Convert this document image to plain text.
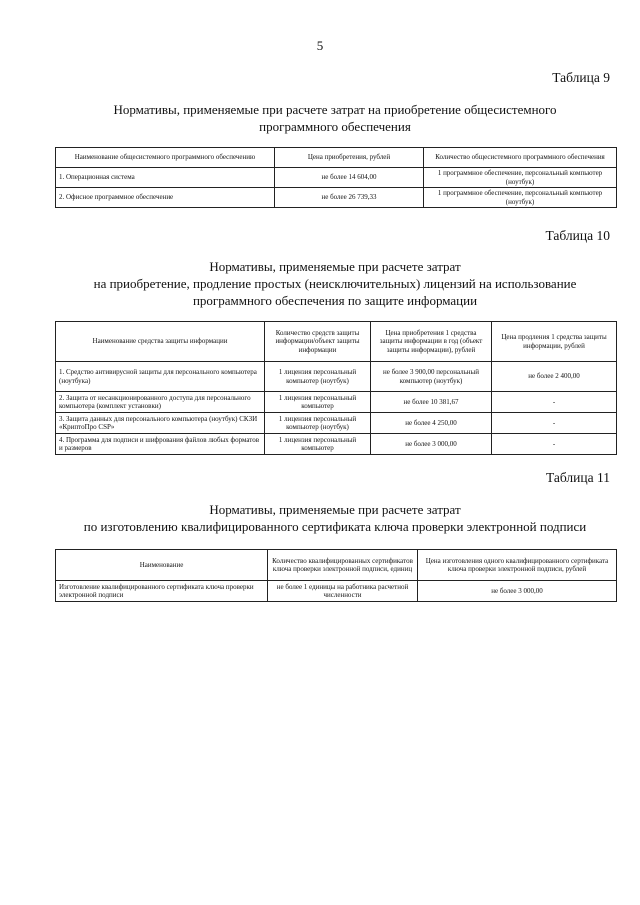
5
Таблица 9
Нормативы, применяемые при расчете затрат на приобретение общесистемного
программного обеспечения
Наименование общесистемного программного обеспечению	Цена приобретения, рублей	Количество общесистемного программного обеспечения
1. Операционная система	не более 14 604,00	1 программное обеспечение, персональный компьютер (ноутбук)
2. Офисное программное обеспечение	не более 26 739,33	1 программное обеспечение, персональный компьютер (ноутбук)
Таблица 10
Нормативы, применяемые при расчете затрат
на приобретение, продление простых (неисключительных) лицензий на использование
программного обеспечения по защите информации
Наименование средства защиты информации	Количество средств защиты информации/объект защиты информации	Цена приобретения 1 средства защиты информации в год (объект защиты информации), рублей	Цена продления 1 средства защиты информации, рублей
1. Средство антивирусной защиты для персонального компьютера (ноутбука)	1 лицензия персональный компьютер (ноутбук)	не более 3 900,00 персональный компьютер (ноутбук)	не более 2 400,00
2. Защита от несанкционированного доступа для персонального компьютера (комплект установки)	1 лицензия персональный компьютер	не более 10 381,67	-
3. Защита данных для персонального компьютера (ноутбук) СКЗИ «КриптоПро CSP»	1 лицензия персональный компьютер (ноутбук)	не более 4 250,00	-
4. Программа для подписи и шифрования файлов любых форматов и размеров	1 лицензия персональный компьютер	не более 3 000,00	-
Таблица 11
Нормативы, применяемые при расчете затрат
по изготовлению квалифицированного сертификата ключа проверки электронной подписи
Наименование	Количество квалифицированных сертификатов ключа проверки электронной подписи, единиц	Цена изготовления одного квалифицированного сертификата ключа проверки электронной подписи, рублей
Изготовление квалифицированного сертификата ключа проверки электронной подписи	не более 1 единицы на работника расчетной численности	не более 3 000,00
